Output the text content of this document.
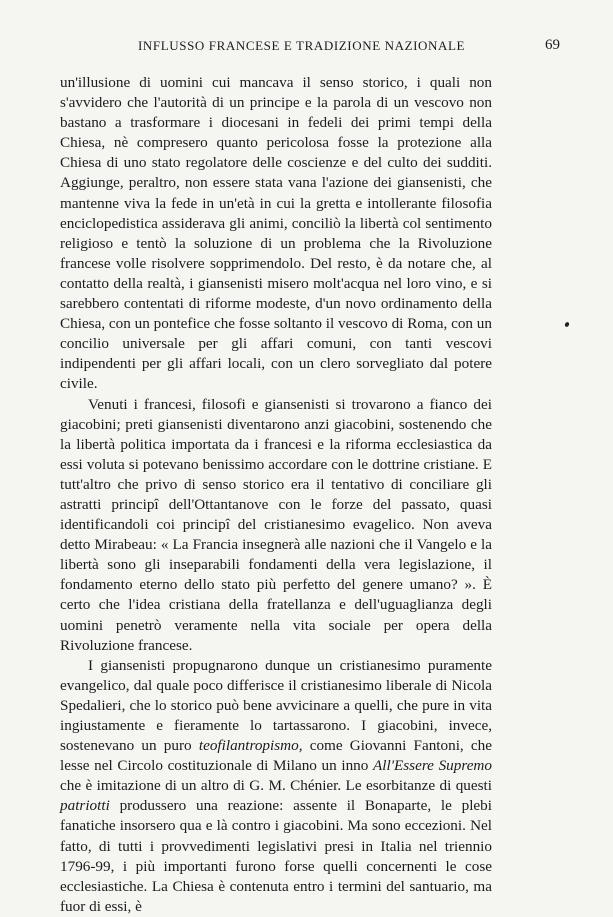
INFLUSSO FRANCESE E TRADIZIONE NAZIONALE	69

un'illusione di uomini cui mancava il senso storico, i quali non s'avvidero che l'autorità di un principe e la parola di un vescovo non bastano a trasformare i diocesani in fedeli dei primi tempi della Chiesa, nè compresero quanto pericolosa fosse la protezione alla Chiesa di uno stato regolatore delle coscienze e del culto dei sudditi. Aggiunge, peraltro, non essere stata vana l'azione dei giansenisti, che mantenne viva la fede in un'età in cui la gretta e intollerante filosofia enciclopedistica assiderava gli animi, conciliò la libertà col sentimento religioso e tentò la soluzione di un problema che la Rivoluzione francese volle risolvere sopprimendolo. Del resto, è da notare che, al contatto della realtà, i giansenisti misero molt'acqua nel loro vino, e si sarebbero contentati di riforme modeste, d'un novo ordinamento della Chiesa, con un pontefice che fosse soltanto il vescovo di Roma, con un concilio universale per gli affari comuni, con tanti vescovi indipendenti per gli affari locali, con un clero sorvegliato dal potere civile.

Venuti i francesi, filosofi e giansenisti si trovarono a fianco dei giacobini; preti giansenisti diventarono anzi giacobini, sostenendo che la libertà politica importata da i francesi e la riforma ecclesiastica da essi voluta si potevano benissimo accordare con le dottrine cristiane. E tutt'altro che privo di senso storico era il tentativo di conciliare gli astratti principî dell'Ottantanove con le forze del passato, quasi identificandoli coi principî del cristianesimo evagelico. Non aveva detto Mirabeau: « La Francia insegnerà alle nazioni che il Vangelo e la libertà sono gli inseparabili fondamenti della vera legislazione, il fondamento eterno dello stato più perfetto del genere umano? ». È certo che l'idea cristiana della fratellanza e dell'uguaglianza degli uomini penetrò veramente nella vita sociale per opera della Rivoluzione francese.

I giansenisti propugnarono dunque un cristianesimo puramente evangelico, dal quale poco differisce il cristianesimo liberale di Nicola Spedalieri, che lo storico può bene avvicinare a quelli, che pure in vita ingiustamente e fieramente lo tartassarono. I giacobini, invece, sostenevano un puro teofilantropismo, come Giovanni Fantoni, che lesse nel Circolo costituzionale di Milano un inno All'Essere Supremo che è imitazione di un altro di G. M. Chénier. Le esorbitanze di questi patriotti produssero una reazione: assente il Bonaparte, le plebi fanatiche insorsero qua e là contro i giacobini. Ma sono eccezioni. Nel fatto, di tutti i provvedimenti legislativi presi in Italia nel triennio 1796-99, i più importanti furono forse quelli concernenti le cose ecclesiastiche. La Chiesa è contenuta entro i termini del santuario, ma fuor di essi, è
